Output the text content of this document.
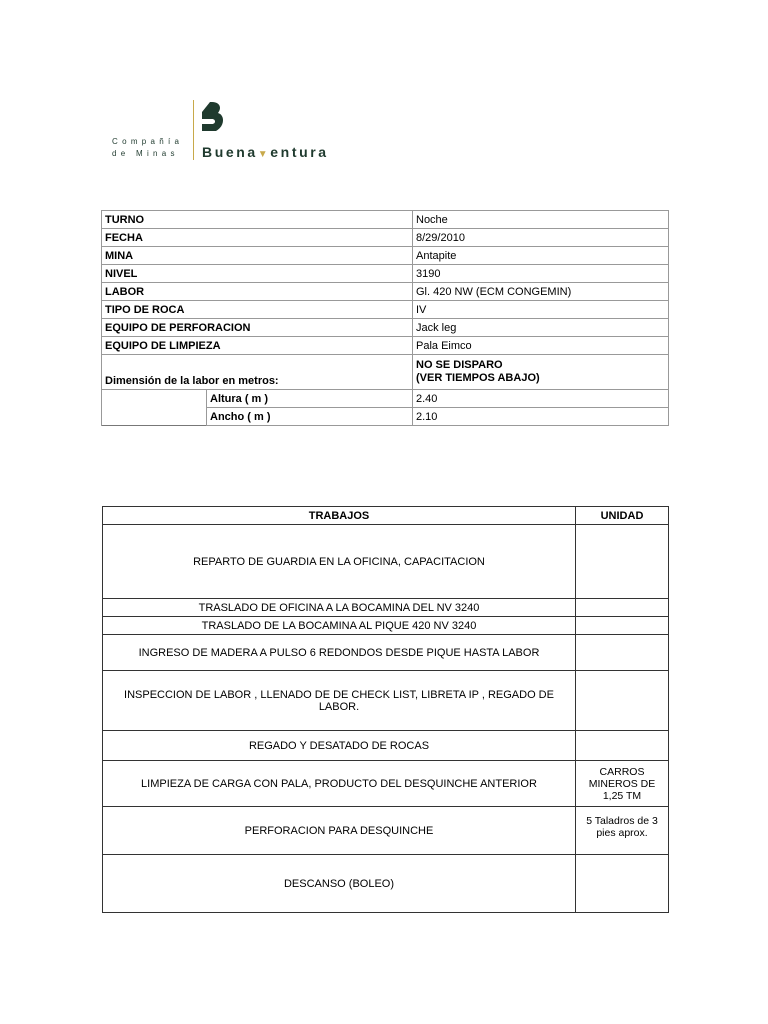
Compañía
de Minas	Buena▼entura
TURNO		Noche
FECHA		8/29/2010
MINA		Antapite
NIVEL		3190
LABOR		Gl. 420 NW (ECM CONGEMIN)
TIPO DE ROCA		IV
EQUIPO DE PERFORACION		Jack leg
EQUIPO DE LIMPIEZA		Pala Eimco
Dimensión de la labor en metros:		NO SE DISPARO
(VER TIEMPOS ABAJO)

	Altura ( m )	2.40
	Ancho ( m )	2.10
TRABAJOS	UNIDAD
REPARTO DE GUARDIA EN LA OFICINA, CAPACITACION	
TRASLADO DE OFICINA A LA BOCAMINA DEL NV 3240	
TRASLADO DE LA BOCAMINA AL PIQUE 420 NV 3240	
INGRESO DE MADERA A PULSO 6 REDONDOS DESDE PIQUE HASTA LABOR	
INSPECCION DE LABOR , LLENADO DE DE CHECK LIST, LIBRETA IP , REGADO DE LABOR.	
REGADO Y DESATADO DE ROCAS	
LIMPIEZA DE CARGA CON PALA, PRODUCTO DEL DESQUINCHE ANTERIOR	CARROS MINEROS DE 1,25 TM
PERFORACION PARA DESQUINCHE	5 Taladros de 3 pies aprox.
DESCANSO (BOLEO)	
